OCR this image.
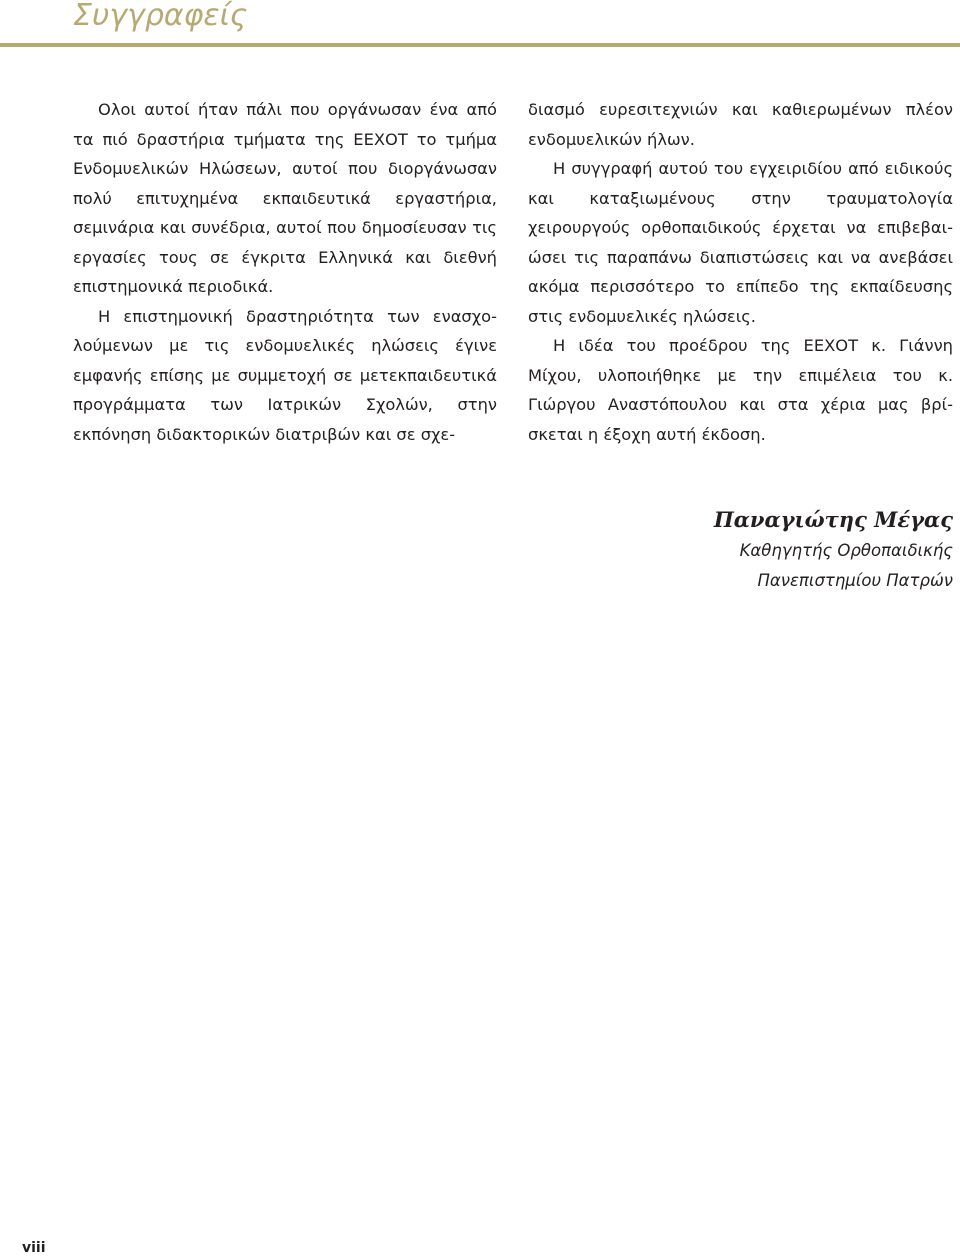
Συγγραφείς

Oλοι αυτοί ήταν πάλι που οργάνωσαν ένα από τα πιό δραστήρια τμήματα της ΕΕΧΟΤ το τμήμα Ενδομυελικών Ηλώσεων, αυτοί που διοργάνωσαν πολύ επιτυχημένα εκπαιδευτικά εργαστήρια, σεμινάρια και συνέδρια, αυτοί που δημοσίευσαν τις εργασίες τους σε έγκριτα Ελληνικά και διεθνή επιστημονικά περιοδικά.

Η επιστημονική δραστηριότητα των ενασχολούμενων με τις ενδομυελικές ηλώσεις έγινε εμφανής επίσης με συμμετοχή σε μετεκπαιδευτικά προγράμματα των Ιατρικών Σχολών, στην εκπόνηση διδακτορικών διατριβών και σε σχε-

διασμό ευρεσιτεχνιών και καθιερωμένων πλέον ενδομυελικών ήλων.

Η συγγραφή αυτού του εγχειριδίου από ειδικούς και καταξιωμένους στην τραυματολογία χειρουργούς ορθοπαιδικούς έρχεται να επιβεβαιώσει τις παραπάνω διαπιστώσεις και να ανεβάσει ακόμα περισσότερο το επίπεδο της εκπαίδευσης στις ενδομυελικές ηλώσεις.

Η ιδέα του προέδρου της ΕΕΧΟΤ κ. Γιάννη Μίχου, υλοποιήθηκε με την επιμέλεια του κ. Γιώργου Αναστόπουλου και στα χέρια μας βρίσκεται η έξοχη αυτή έκδοση.

Παναγιώτης Μέγας
Καθηγητής Ορθοπαιδικής
Πανεπιστημίου Πατρών
viii
